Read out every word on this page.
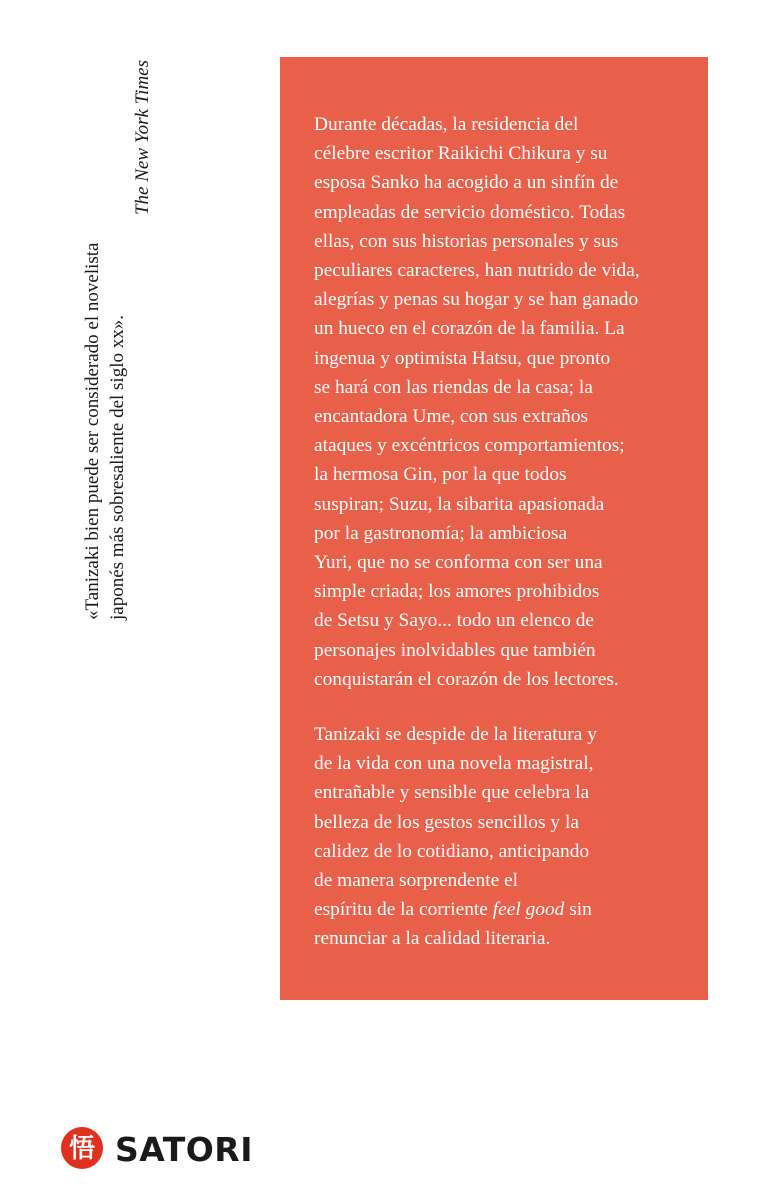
«Tanizaki bien puede ser considerado el novelista japonés más sobresaliente del siglo xx».
The New York Times	Durante décadas, la residencia del
célebre escritor Raikichi Chikura y su
esposa Sanko ha acogido a un sinfín de
empleadas de servicio doméstico. Todas
ellas, con sus historias personales y sus
peculiares caracteres, han nutrido de vida,
alegrías y penas su hogar y se han ganado
un hueco en el corazón de la familia. La
ingenua y optimista Hatsu, que pronto
se hará con las riendas de la casa; la
encantadora Ume, con sus extraños
ataques y excéntricos comportamientos;
la hermosa Gin, por la que todos
suspiran; Suzu, la sibarita apasionada
por la gastronomía; la ambiciosa
Yuri, que no se conforma con ser una
simple criada; los amores prohibidos
de Setsu y Sayo... todo un elenco de
personajes inolvidables que también
conquistarán el corazón de los lectores.
Tanizaki se despide de la literatura y
de la vida con una novela magistral,
entrañable y sensible que celebra la
belleza de los gestos sencillos y la
calidez de lo cotidiano, anticipando
de manera sorprendente el
espíritu de la corriente feel good sin
renunciar a la calidad literaria.
悟 SATORI
